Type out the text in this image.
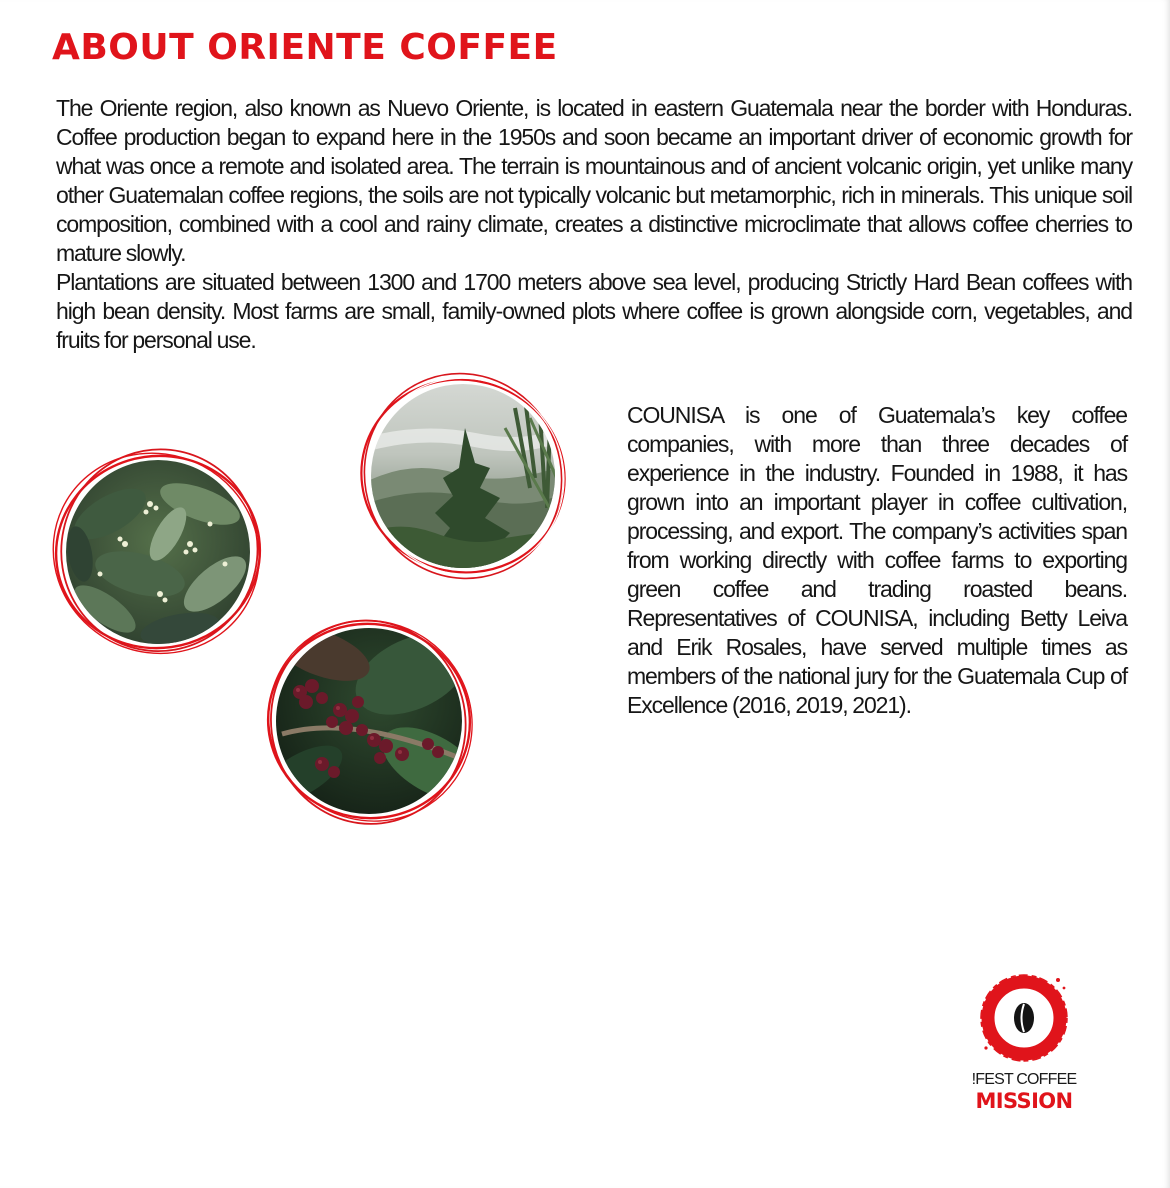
ABOUT ORIENTE COFFEE

The Oriente region, also known as Nuevo Oriente, is located in eastern Guatemala near the border with Honduras. Coffee production began to expand here in the 1950s and soon became an important driver of economic growth for what was once a remote and isolated area. The terrain is mountainous and of ancient volcanic origin, yet unlike many other Guatemalan coffee regions, the soils are not typically volcanic but metamorphic, rich in minerals. This unique soil composition, combined with a cool and rainy climate, creates a distinctive microclimate that allows coffee cherries to mature slowly.

Plantations are situated between 1300 and 1700 meters above sea level, producing Strictly Hard Bean coffees with high bean density. Most farms are small, family-owned plots where coffee is grown alongside corn, vegetables, and fruits for personal use.

COUNISA is one of Guatemala’s key coffee companies, with more than three decades of experience in the industry. Founded in 1988, it has grown into an important player in coffee cultivation, processing, and export. The company’s activities span from working directly with coffee farms to exporting green coffee and trading roasted beans. Representatives of COUNISA, including Betty Leiva and Erik Rosales, have served multiple times as members of the national jury for the Guatemala Cup of Excellence (2016, 2019, 2021).

!FEST COFFEE
MISSION
